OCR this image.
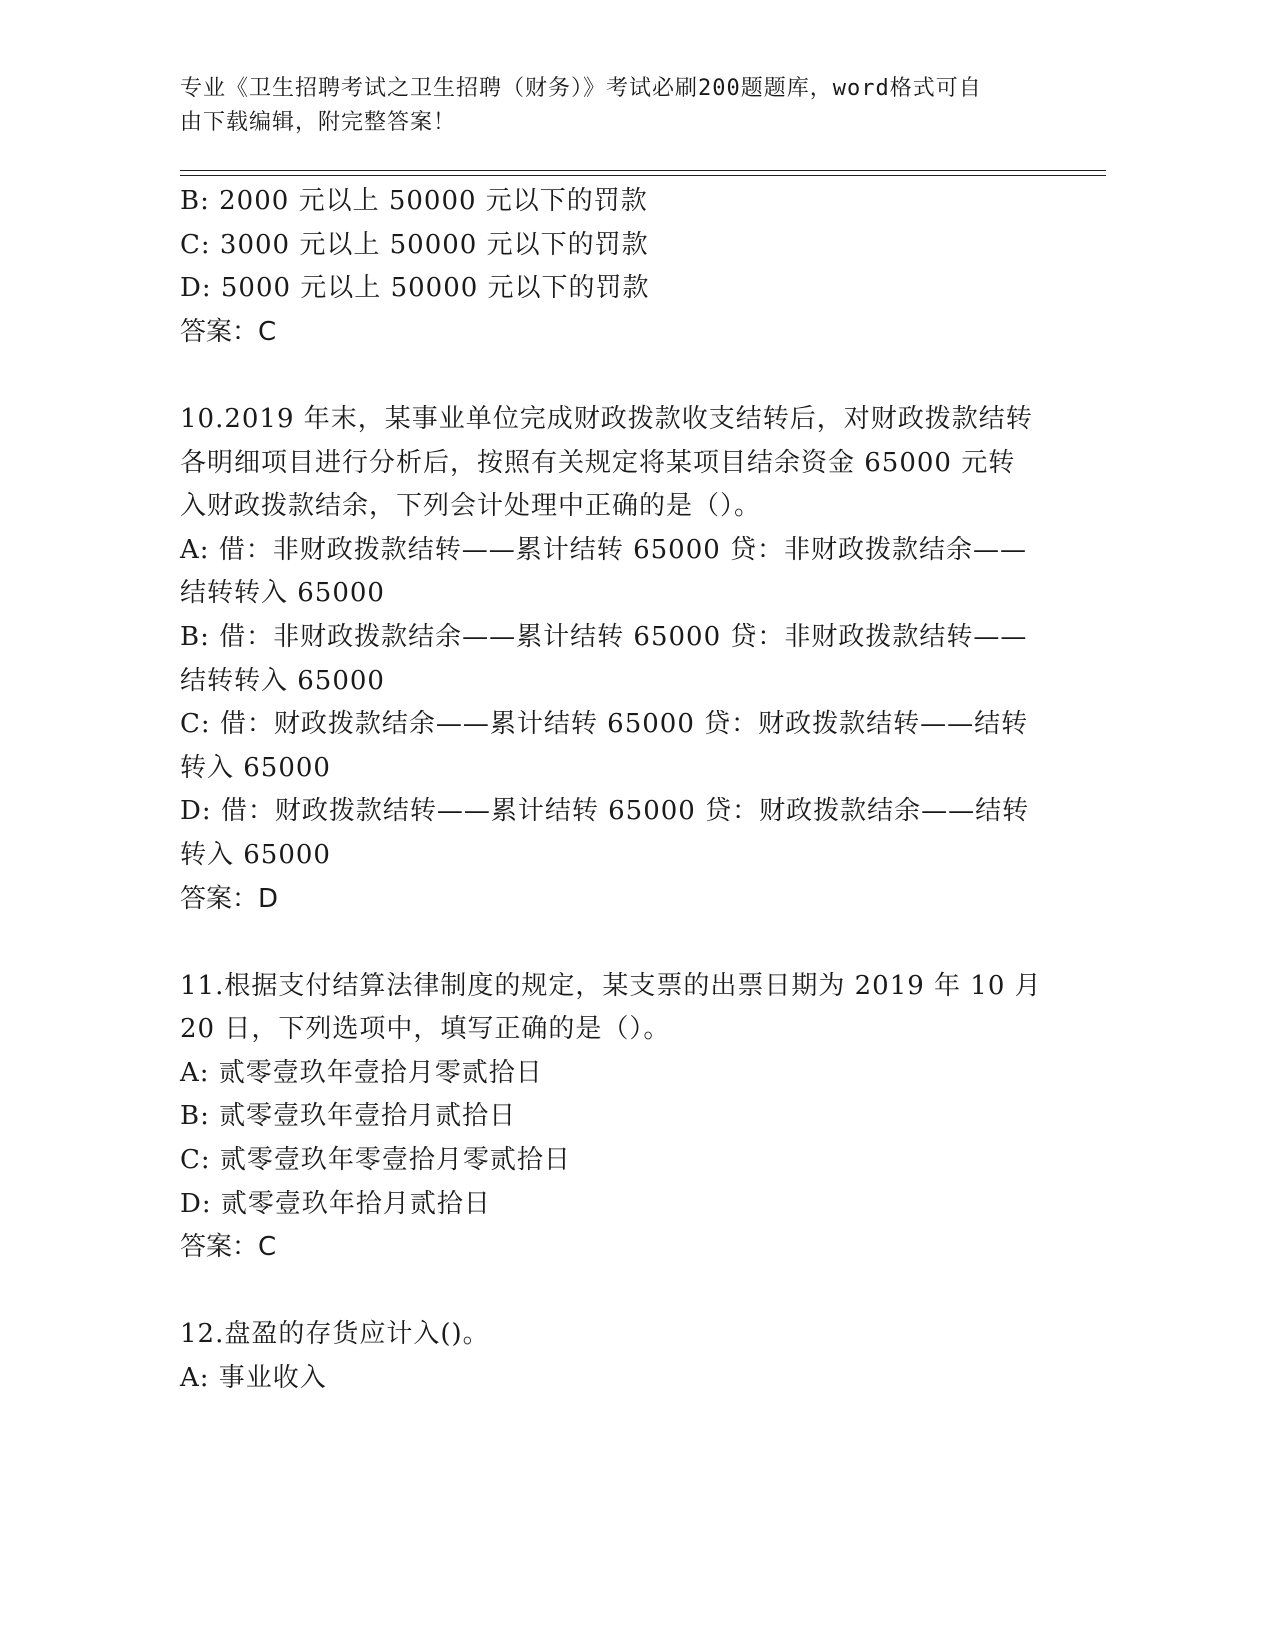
专业《卫生招聘考试之卫生招聘（财务）》考试必刷200题题库，word格式可自
由下载编辑，附完整答案！
B: 2000 元以上 50000 元以下的罚款
C: 3000 元以上 50000 元以下的罚款
D: 5000 元以上 50000 元以下的罚款
答案：C
10.2019 年末，某事业单位完成财政拨款收支结转后，对财政拨款结转
各明细项目进行分析后，按照有关规定将某项目结余资金 65000 元转
入财政拨款结余，下列会计处理中正确的是（）。
A: 借：非财政拨款结转——累计结转 65000 贷：非财政拨款结余——
结转转入 65000
B: 借：非财政拨款结余——累计结转 65000 贷：非财政拨款结转——
结转转入 65000
C: 借：财政拨款结余——累计结转 65000 贷：财政拨款结转——结转
转入 65000
D: 借：财政拨款结转——累计结转 65000 贷：财政拨款结余——结转
转入 65000
答案：D
11.根据支付结算法律制度的规定，某支票的出票日期为 2019 年 10 月
20 日，下列选项中，填写正确的是（）。
A: 贰零壹玖年壹拾月零贰拾日
B: 贰零壹玖年壹拾月贰拾日
C: 贰零壹玖年零壹拾月零贰拾日
D: 贰零壹玖年拾月贰拾日
答案：C
12.盘盈的存货应计入()。
A: 事业收入
